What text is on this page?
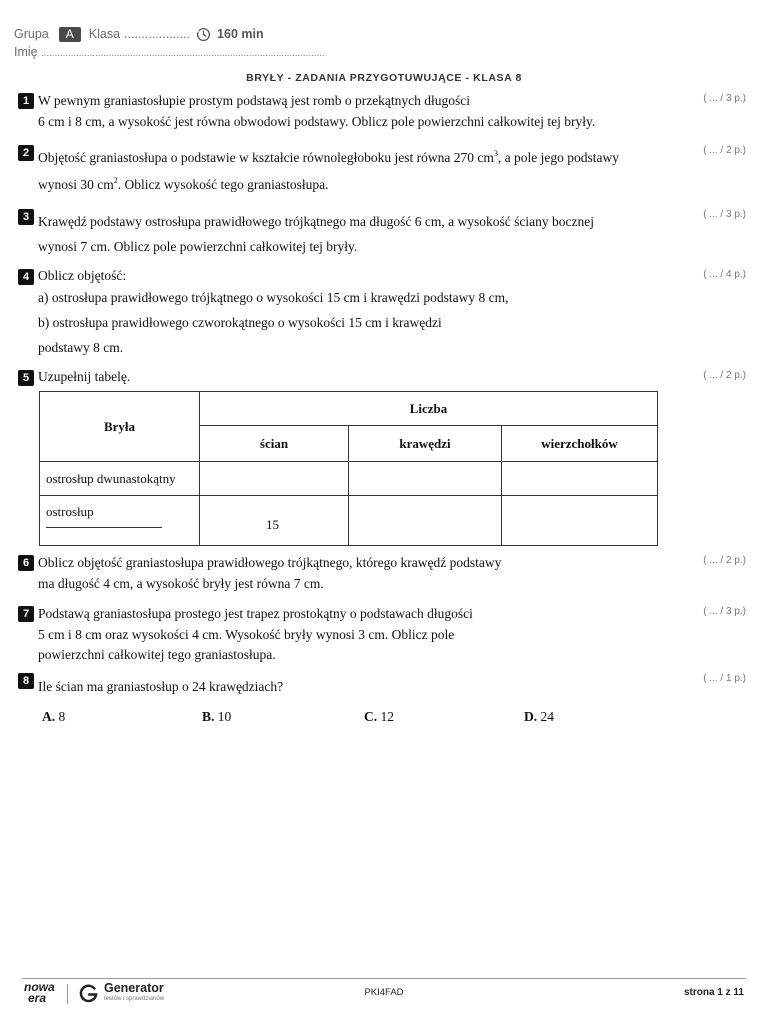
Grupa	A	Klasa ................... 160 min
Imię .........................................................................................................
BRYŁY - ZADANIA PRZYGOTUWUJĄCE - KLASA 8
1	( ... / 3 p.)
W pewnym graniastosłupie prostym podstawą jest romb o przekątnych długości
6 cm i 8 cm, a wysokość jest równa obwodowi podstawy. Oblicz pole powierzchni całkowitej tej bryły.
2	( ... / 2 p.)
Objętość graniastosłupa o podstawie w kształcie równoległoboku jest równa 270 $cm^3$, a pole jego podstawy
wynosi 30 $cm^2$. Oblicz wysokość tego graniastosłupa.
3	( ... / 3 p.)
Krawędź podstawy ostrosłupa prawidłowego trójkątnego ma długość 6 cm, a wysokość ściany bocznej
wynosi 7 cm. Oblicz pole powierzchni całkowitej tej bryły.
4	( ... / 4 p.)
Oblicz objętość:
a) ostrosłupa prawidłowego trójkątnego o wysokości 15 cm i krawędzi podstawy 8 cm,
b) ostrosłupa prawidłowego czworokątnego o wysokości 15 cm i krawędzi
podstawy 8 cm.
5	( ... / 2 p.)
Uzupełnij tabelę.
Bryła	Liczba		
	ścian	krawędzi	wierzchołków
ostrosłup dwunastokątny			

ostrosłup	15		
6	( ... / 2 p.)
Oblicz objętość graniastosłupa prawidłowego trójkątnego, którego krawędź podstawy
ma długość 4 cm, a wysokość bryły jest równa 7 cm.
7	( ... / 3 p.)
Podstawą graniastosłupa prostego jest trapez prostokątny o podstawach długości
5 cm i 8 cm oraz wysokości 4 cm. Wysokość bryły wynosi 3 cm. Oblicz pole
powierzchni całkowitej tego graniastosłupa.
8	( ... / 1 p.)
Ile ścian ma graniastosłup o 24 krawędziach?
A. 8	B. 10	C. 12	D. 24
nowa
era
Generator
testów i sprawdzianów
PKI4FAD	strona 1 z 11
